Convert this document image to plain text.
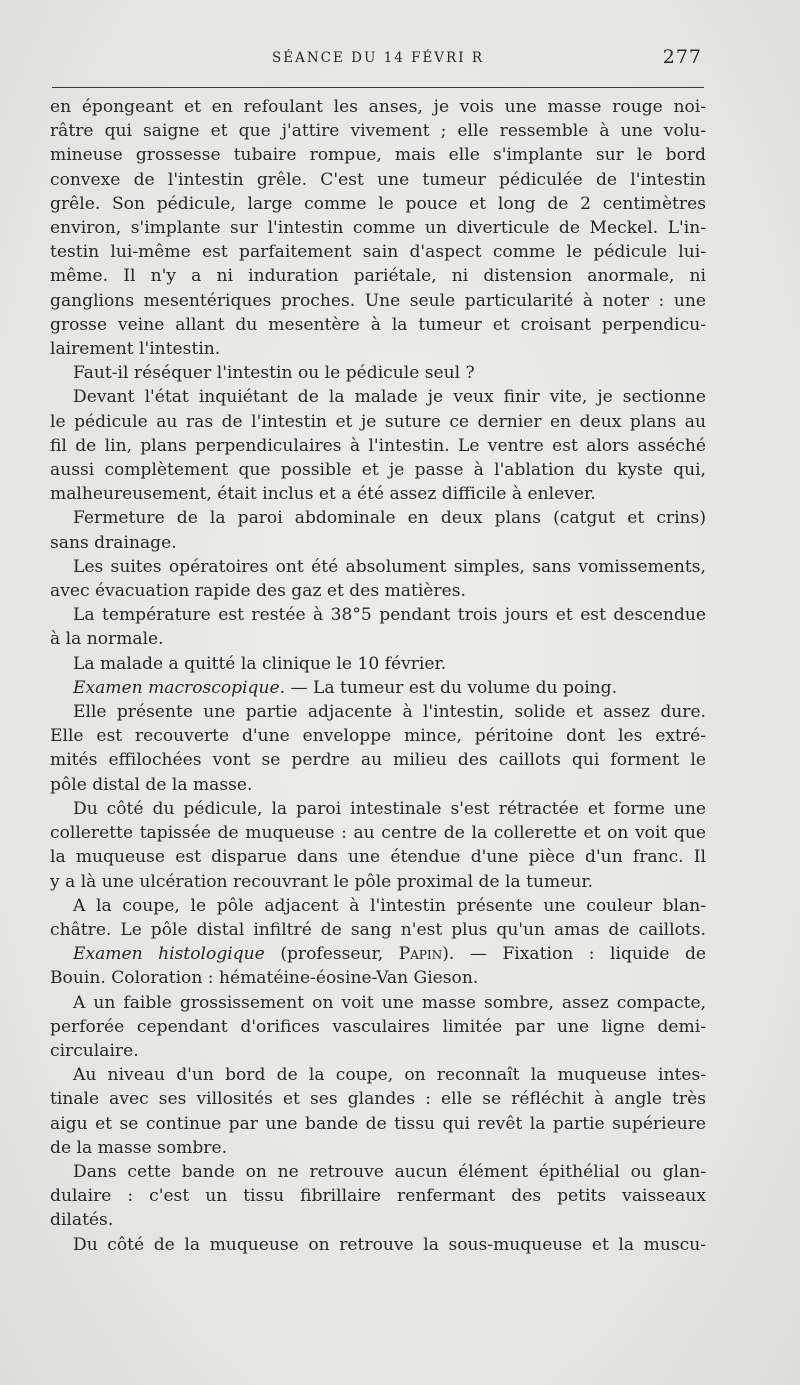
SÉANCE DU 14 FÉVRI R	277

en épongeant et en refoulant les anses, je vois une masse rouge noi-

râtre qui saigne et que j'attire vivement ; elle ressemble à une volu-

mineuse grossesse tubaire rompue, mais elle s'implante sur le bord

convexe de l'intestin grêle. C'est une tumeur pédiculée de l'intestin

grêle. Son pédicule, large comme le pouce et long de 2 centimètres

environ, s'implante sur l'intestin comme un diverticule de Meckel. L'in-

testin lui-même est parfaitement sain d'aspect comme le pédicule lui-

même. Il n'y a ni induration pariétale, ni distension anormale, ni

ganglions mesentériques proches. Une seule particularité à noter : une

grosse veine allant du mesentère à la tumeur et croisant perpendicu-

lairement l'intestin.

Faut-il réséquer l'intestin ou le pédicule seul ?

Devant l'état inquiétant de la malade je veux finir vite, je sectionne

le pédicule au ras de l'intestin et je suture ce dernier en deux plans au

fil de lin, plans perpendiculaires à l'intestin. Le ventre est alors asséché

aussi complètement que possible et je passe à l'ablation du kyste qui,

malheureusement, était inclus et a été assez difficile à enlever.

Fermeture de la paroi abdominale en deux plans (catgut et crins)

sans drainage.

Les suites opératoires ont été absolument simples, sans vomissements,

avec évacuation rapide des gaz et des matières.

La température est restée à 38°5 pendant trois jours et est descendue

à la normale.

La malade a quitté la clinique le 10 février.

Examen macroscopique. — La tumeur est du volume du poing.

Elle présente une partie adjacente à l'intestin, solide et assez dure.

Elle est recouverte d'une enveloppe mince, péritoine dont les extré-

mités effilochées vont se perdre au milieu des caillots qui forment le

pôle distal de la masse.

Du côté du pédicule, la paroi intestinale s'est rétractée et forme une

collerette tapissée de muqueuse : au centre de la collerette et on voit que

la muqueuse est disparue dans une étendue d'une pièce d'un franc. Il

y a là une ulcération recouvrant le pôle proximal de la tumeur.

A la coupe, le pôle adjacent à l'intestin présente une couleur blan-

châtre. Le pôle distal infiltré de sang n'est plus qu'un amas de caillots.

Examen histologique (professeur, Papin). — Fixation : liquide de

Bouin. Coloration : hématéine-éosine-Van Gieson.

A un faible grossissement on voit une masse sombre, assez compacte,

perforée cependant d'orifices vasculaires limitée par une ligne demi-

circulaire.

Au niveau d'un bord de la coupe, on reconnaît la muqueuse intes-

tinale avec ses villosités et ses glandes : elle se réfléchit à angle très

aigu et se continue par une bande de tissu qui revêt la partie supérieure

de la masse sombre.

Dans cette bande on ne retrouve aucun élément épithélial ou glan-

dulaire : c'est un tissu fibrillaire renfermant des petits vaisseaux

dilatés.

Du côté de la muqueuse on retrouve la sous-muqueuse et la muscu-
